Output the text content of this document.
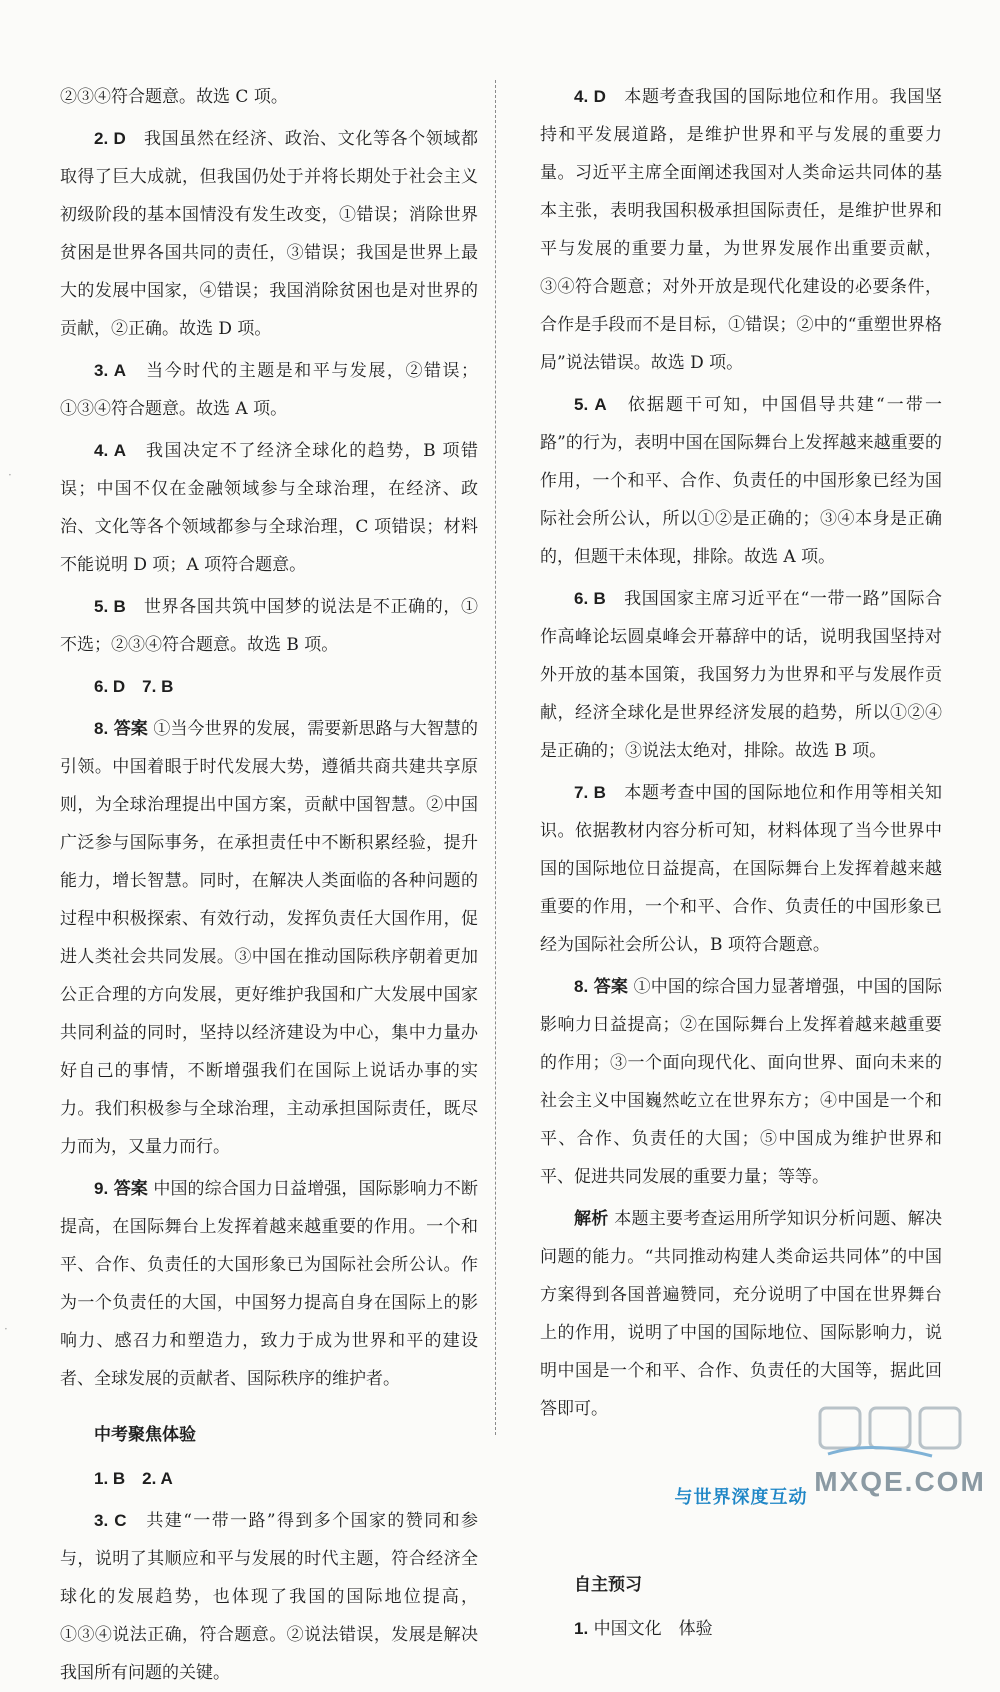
②③④符合题意。故选 C 项。

2. D　 我国虽然在经济、政治、文化等各个领域都取得了巨大成就，但我国仍处于并将长期处于社会主义初级阶段的基本国情没有发生改变，①错误；消除世界贫困是世界各国共同的责任，③错误；我国是世界上最大的发展中国家，④错误；我国消除贫困也是对世界的贡献，②正确。故选 D 项。

3. A　 当今时代的主题是和平与发展，②错误；①③④符合题意。故选 A 项。

4. A　 我国决定不了经济全球化的趋势，B 项错误；中国不仅在金融领域参与全球治理，在经济、政治、文化等各个领域都参与全球治理，C 项错误；材料不能说明 D 项；A 项符合题意。

5. B　 世界各国共筑中国梦的说法是不正确的，①不选；②③④符合题意。故选 B 项。

6. D　7. B

8. 答案 ①当今世界的发展，需要新思路与大智慧的引领。中国着眼于时代发展大势，遵循共商共建共享原则，为全球治理提出中国方案，贡献中国智慧。②中国广泛参与国际事务，在承担责任中不断积累经验，提升能力，增长智慧。同时，在解决人类面临的各种问题的过程中积极探索、有效行动，发挥负责任大国作用，促进人类社会共同发展。③中国在推动国际秩序朝着更加公正合理的方向发展，更好维护我国和广大发展中国家共同利益的同时，坚持以经济建设为中心，集中力量办好自己的事情，不断增强我们在国际上说话办事的实力。我们积极参与全球治理，主动承担国际责任，既尽力而为，又量力而行。

9. 答案 中国的综合国力日益增强，国际影响力不断提高，在国际舞台上发挥着越来越重要的作用。一个和平、合作、负责任的大国形象已为国际社会所公认。作为一个负责任的大国，中国努力提高自身在国际上的影响力、感召力和塑造力，致力于成为世界和平的建设者、全球发展的贡献者、国际秩序的维护者。

中考聚焦体验

1. B　2. A

3. C　 共建“一带一路”得到多个国家的赞同和参与，说明了其顺应和平与发展的时代主题，符合经济全球化的发展趋势，也体现了我国的国际地位提高，①③④说法正确，符合题意。②说法错误，发展是解决我国所有问题的关键。

4. D　 本题考查我国的国际地位和作用。我国坚持和平发展道路，是维护世界和平与发展的重要力量。习近平主席全面阐述我国对人类命运共同体的基本主张，表明我国积极承担国际责任，是维护世界和平与发展的重要力量，为世界发展作出重要贡献，③④符合题意；对外开放是现代化建设的必要条件，合作是手段而不是目标，①错误；②中的“重塑世界格局”说法错误。故选 D 项。

5. A　 依据题干可知，中国倡导共建“一带一路”的行为，表明中国在国际舞台上发挥越来越重要的作用，一个和平、合作、负责任的中国形象已经为国际社会所公认，所以①②是正确的；③④本身是正确的，但题干未体现，排除。故选 A 项。

6. B　 我国国家主席习近平在“一带一路”国际合作高峰论坛圆桌峰会开幕辞中的话，说明我国坚持对外开放的基本国策，我国努力为世界和平与发展作贡献，经济全球化是世界经济发展的趋势，所以①②④是正确的；③说法太绝对，排除。故选 B 项。

7. B　 本题考查中国的国际地位和作用等相关知识。依据教材内容分析可知，材料体现了当今世界中国的国际地位日益提高，在国际舞台上发挥着越来越重要的作用，一个和平、合作、负责任的中国形象已经为国际社会所公认，B 项符合题意。

8. 答案 ①中国的综合国力显著增强，中国的国际影响力日益提高；②在国际舞台上发挥着越来越重要的作用；③一个面向现代化、面向世界、面向未来的社会主义中国巍然屹立在世界东方；④中国是一个和平、合作、负责任的大国；⑤中国成为维护世界和平、促进共同发展的重要力量；等等。

解析 本题主要考查运用所学知识分析问题、解决问题的能力。“共同推动构建人类命运共同体”的中国方案得到各国普遍赞同，充分说明了中国在世界舞台上的作用，说明了中国的国际地位、国际影响力，说明中国是一个和平、合作、负责任的大国等，据此回答即可。

与世界深度互动

自主预习

1. 中国文化　体验

MXQE.COM
·
·
